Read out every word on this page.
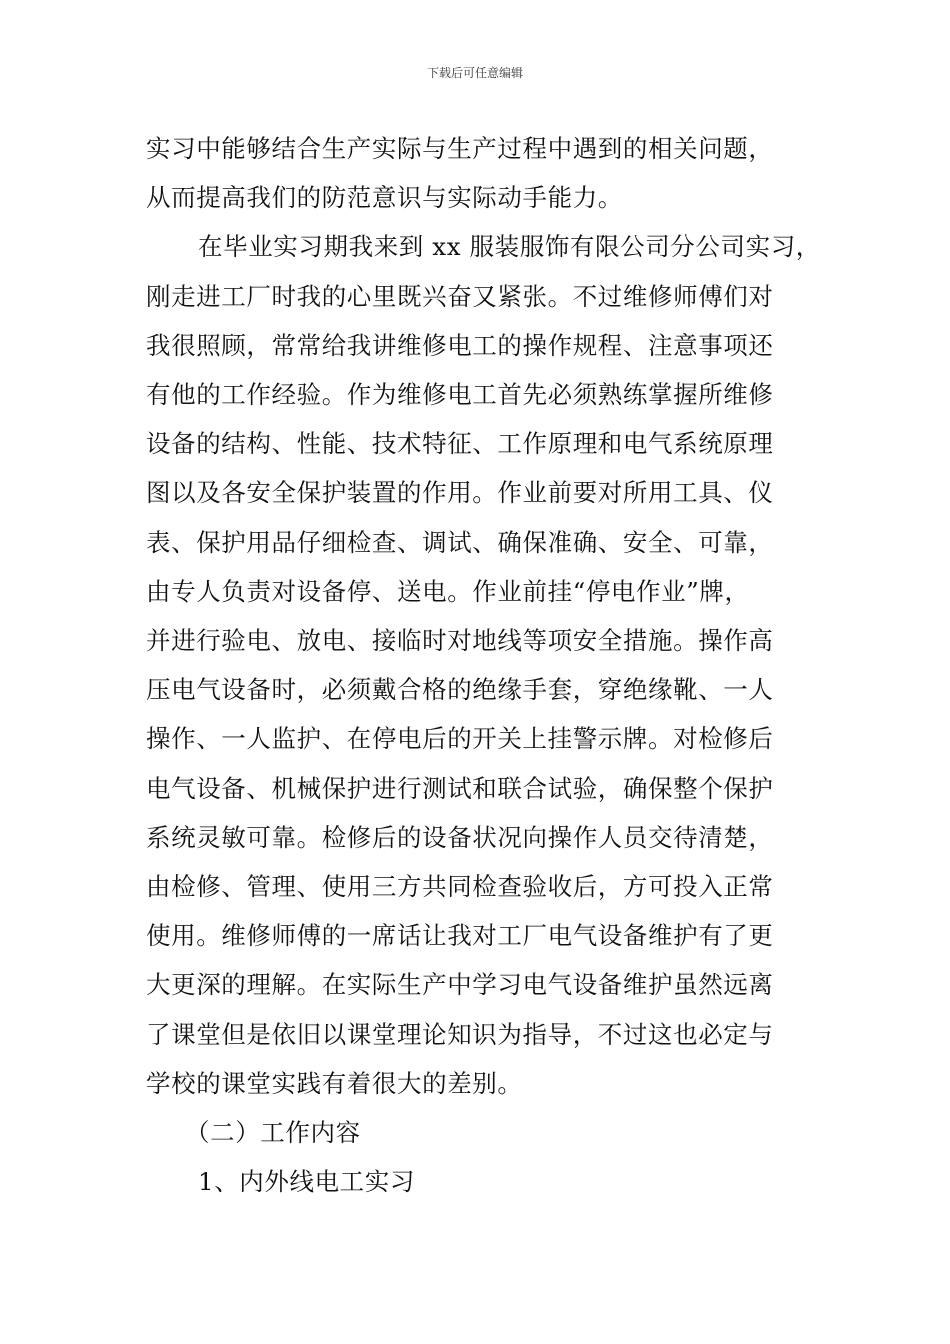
下载后可任意编辑
实习中能够结合生产实际与生产过程中遇到的相关问题，
从而提高我们的防范意识与实际动手能力。
在毕业实习期我来到 xx 服装服饰有限公司分公司实习，
刚走进工厂时我的心里既兴奋又紧张。不过维修师傅们对
我很照顾，常常给我讲维修电工的操作规程、注意事项还
有他的工作经验。作为维修电工首先必须熟练掌握所维修
设备的结构、性能、技术特征、工作原理和电气系统原理
图以及各安全保护装置的作用。作业前要对所用工具、仪
表、保护用品仔细检查、调试、确保准确、安全、可靠，
由专人负责对设备停、送电。作业前挂“停电作业”牌，
并进行验电、放电、接临时对地线等项安全措施。操作高
压电气设备时，必须戴合格的绝缘手套，穿绝缘靴、一人
操作、一人监护、在停电后的开关上挂警示牌。对检修后
电气设备、机械保护进行测试和联合试验，确保整个保护
系统灵敏可靠。检修后的设备状况向操作人员交待清楚，
由检修、管理、使用三方共同检查验收后，方可投入正常
使用。维修师傅的一席话让我对工厂电气设备维护有了更
大更深的理解。在实际生产中学习电气设备维护虽然远离
了课堂但是依旧以课堂理论知识为指导，不过这也必定与
学校的课堂实践有着很大的差别。
（二）工作内容
1、内外线电工实习
